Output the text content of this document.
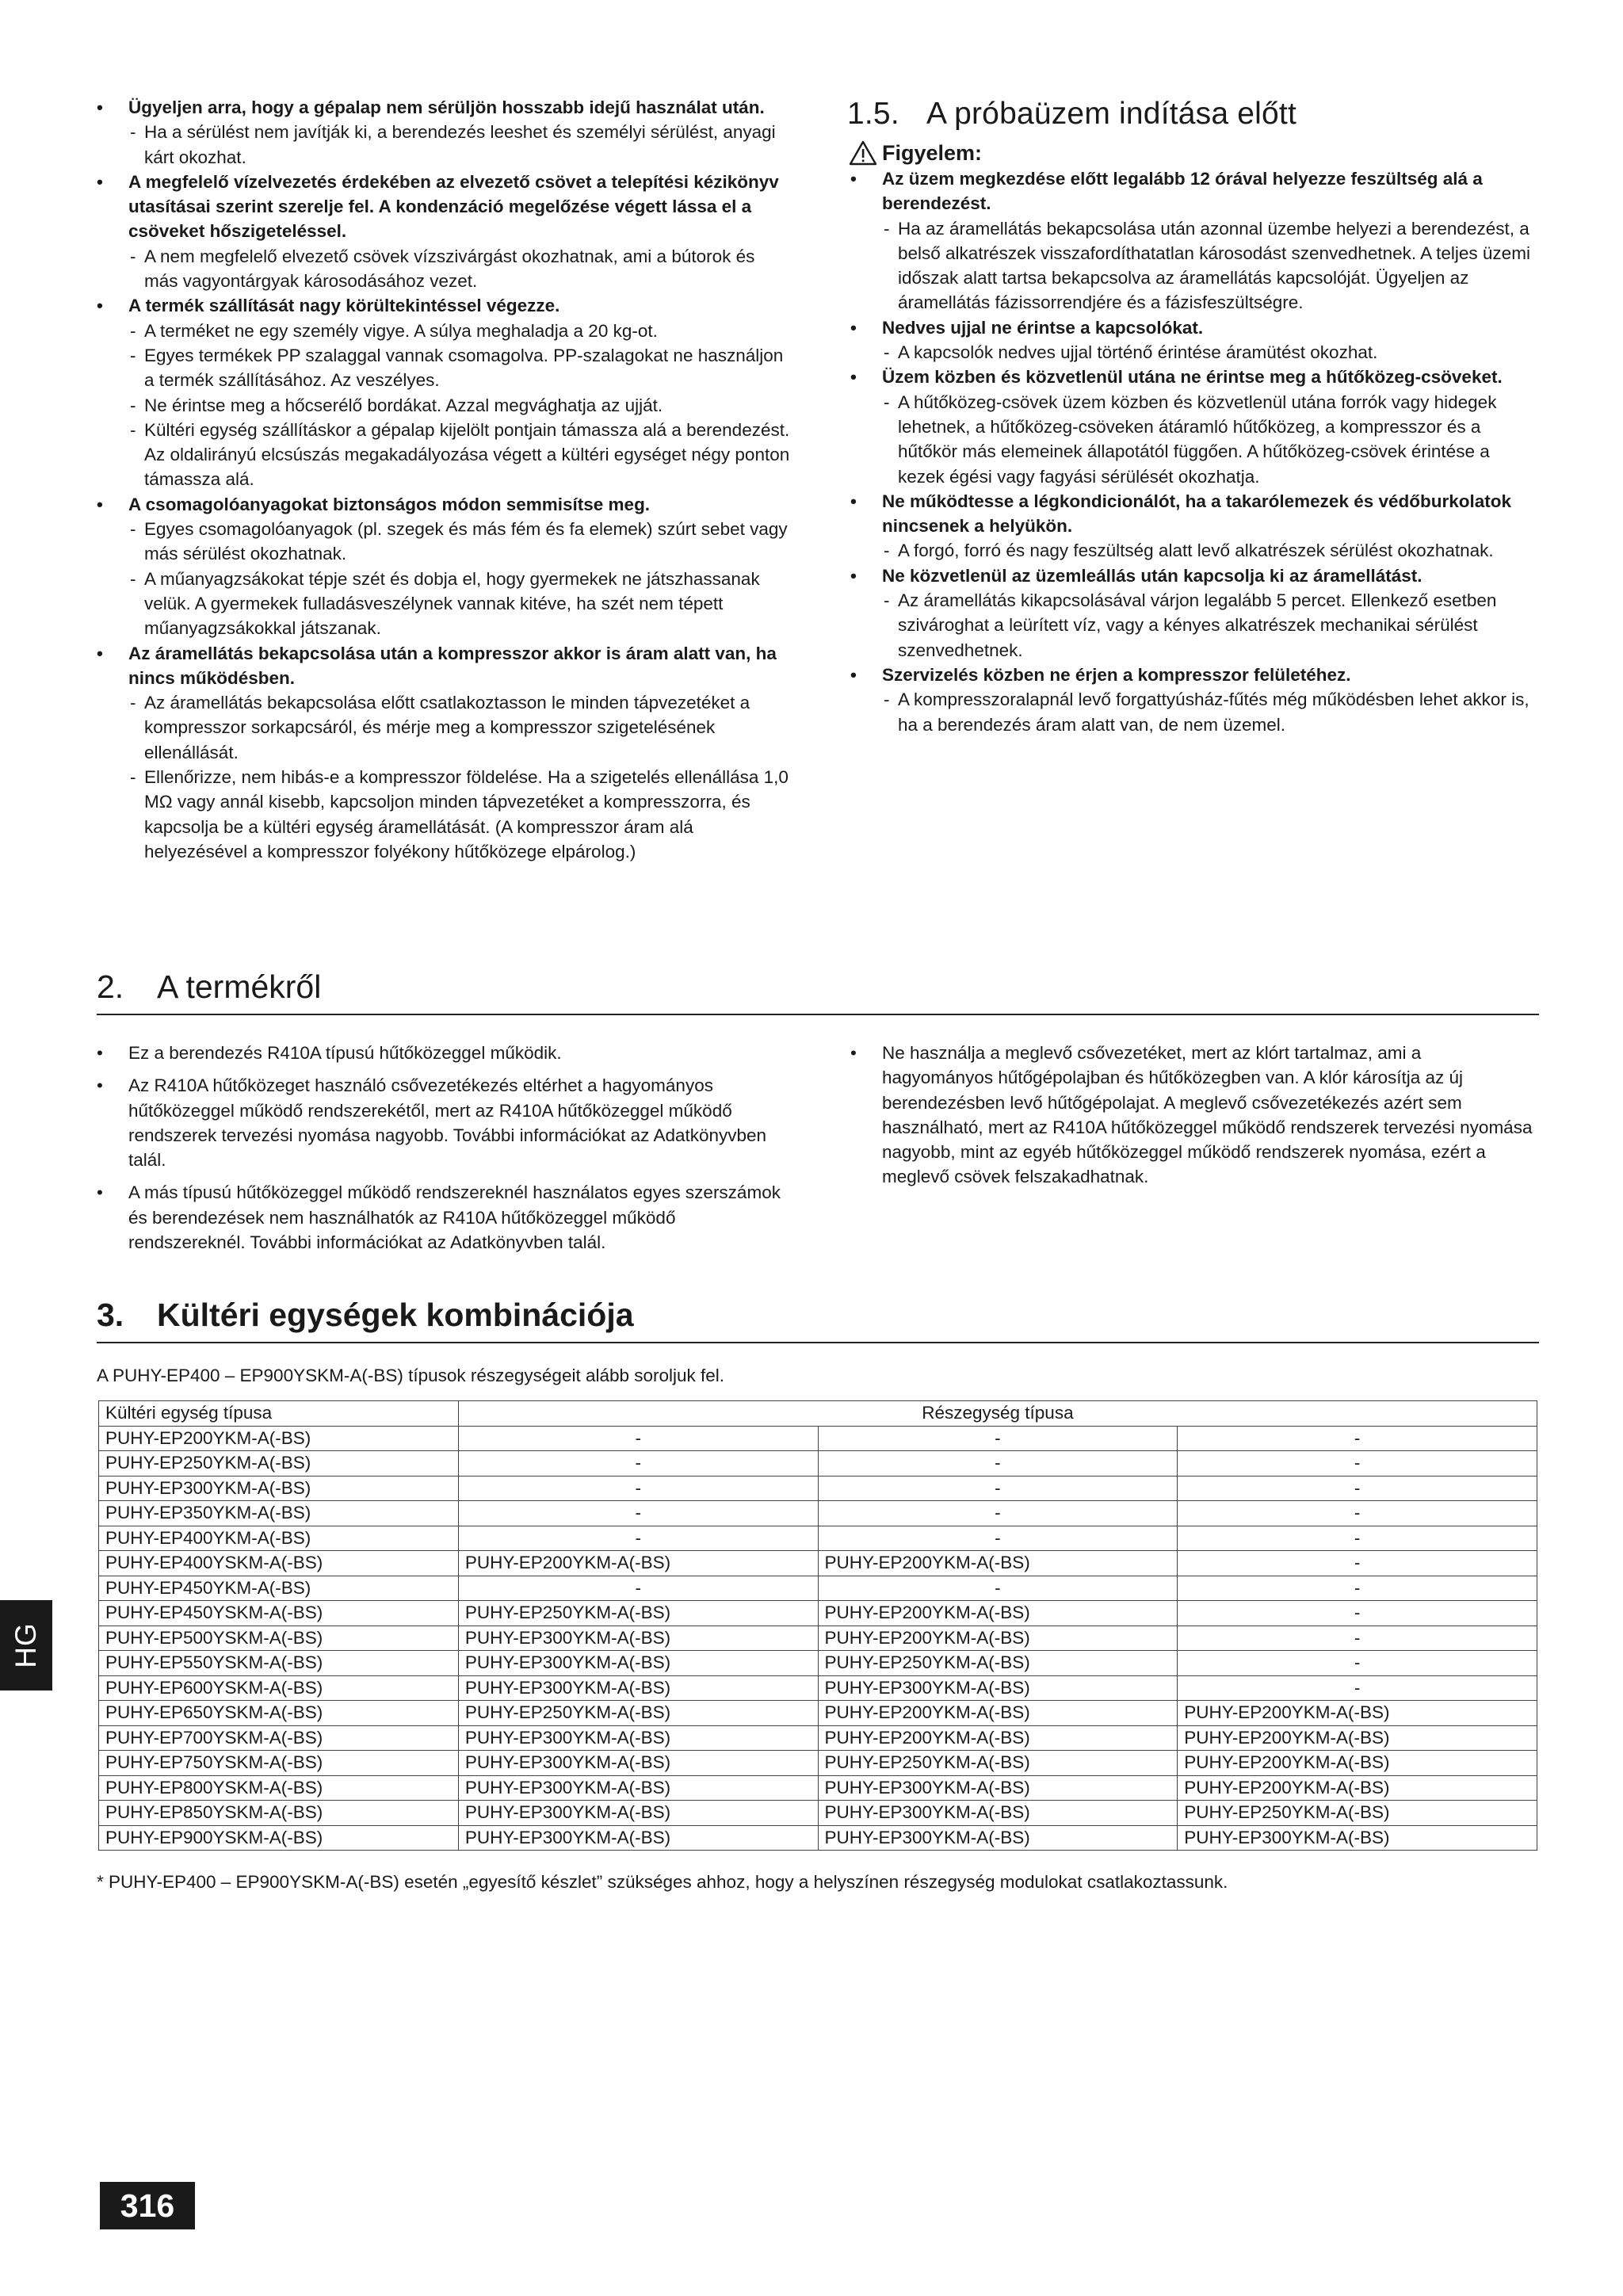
• Ügyeljen arra, hogy a gépalap nem sérüljön hosszabb idejű használat után.
- Ha a sérülést nem javítják ki, a berendezés leeshet és személyi sérülést, anyagi kárt okozhat.
• A megfelelő vízelvezetés érdekében az elvezető csövet a telepítési kézikönyv utasításai szerint szerelje fel. A kondenzáció megelőzése végett lássa el a csöveket hőszigeteléssel.
- A nem megfelelő elvezető csövek vízszivárgást okozhatnak, ami a bútorok és más vagyontárgyak károsodásához vezet.
• A termék szállítását nagy körültekintéssel végezze.
- A terméket ne egy személy vigye. A súlya meghaladja a 20 kg-ot.
- Egyes termékek PP szalaggal vannak csomagolva. PP-szalagokat ne használjon a termék szállításához. Az veszélyes.
- Ne érintse meg a hőcserélő bordákat. Azzal megvághatja az ujját.
- Kültéri egység szállításkor a gépalap kijelölt pontjain támassza alá a berendezést. Az oldalirányú elcsúszás megakadályozása végett a kültéri egységet négy ponton támassza alá.
• A csomagolóanyagokat biztonságos módon semmisítse meg.
- Egyes csomagolóanyagok (pl. szegek és más fém és fa elemek) szúrt sebet vagy más sérülést okozhatnak.
- A műanyagzsákokat tépje szét és dobja el, hogy gyermekek ne játszhassanak velük. A gyermekek fulladásveszélynek vannak kitéve, ha szét nem tépett műanyagzsákokkal játszanak.
• Az áramellátás bekapcsolása után a kompresszor akkor is áram alatt van, ha nincs működésben.
- Az áramellátás bekapcsolása előtt csatlakoztasson le minden tápvezetéket a kompresszor sorkapcsáról, és mérje meg a kompresszor szigetelésének ellenállását.
- Ellenőrizze, nem hibás-e a kompresszor földelése. Ha a szigetelés ellenállása 1,0 MΩ vagy annál kisebb, kapcsoljon minden tápvezetéket a kompresszorra, és kapcsolja be a kültéri egység áramellátását. (A kompresszor áram alá helyezésével a kompresszor folyékony hűtőközege elpárolog.)
1.5. A próbaüzem indítása előtt
Figyelem:
• Az üzem megkezdése előtt legalább 12 órával helyezze feszültség alá a berendezést.
- Ha az áramellátás bekapcsolása után azonnal üzembe helyezi a berendezést, a belső alkatrészek visszafordíthatatlan károsodást szenvedhetnek. A teljes üzemi időszak alatt tartsa bekapcsolva az áramellátás kapcsolóját. Ügyeljen az áramellátás fázissorrendjére és a fázisfeszültségre.
• Nedves ujjal ne érintse a kapcsolókat.
- A kapcsolók nedves ujjal történő érintése áramütést okozhat.
• Üzem közben és közvetlenül utána ne érintse meg a hűtőközeg-csöveket.
- A hűtőközeg-csövek üzem közben és közvetlenül utána forrók vagy hidegek lehetnek, a hűtőközeg-csöveken átáramló hűtőközeg, a kompresszor és a hűtőkör más elemeinek állapotától függően. A hűtőközeg-csövek érintése a kezek égési vagy fagyási sérülését okozhatja.
• Ne működtesse a légkondicionálót, ha a takarólemezek és védőburkolatok nincsenek a helyükön.
- A forgó, forró és nagy feszültség alatt levő alkatrészek sérülést okozhatnak.
• Ne közvetlenül az üzemleállás után kapcsolja ki az áramellátást.
- Az áramellátás kikapcsolásával várjon legalább 5 percet. Ellenkező esetben szivároghat a leürített víz, vagy a kényes alkatrészek mechanikai sérülést szenvedhetnek.
• Szervizelés közben ne érjen a kompresszor felületéhez.
- A kompresszoralapnál levő forgattyúsház-fűtés még működésben lehet akkor is, ha a berendezés áram alatt van, de nem üzemel.
2. A termékről
• Ez a berendezés R410A típusú hűtőközeggel működik.
• Az R410A hűtőközeget használó csővezetékezés eltérhet a hagyományos hűtőközeggel működő rendszerekétől, mert az R410A hűtőközeggel működő rendszerek tervezési nyomása nagyobb. További információkat az Adatkönyvben talál.
• A más típusú hűtőközeggel működő rendszereknél használatos egyes szerszámok és berendezések nem használhatók az R410A hűtőközeggel működő rendszereknél. További információkat az Adatkönyvben talál.
• Ne használja a meglevő csővezetéket, mert az klórt tartalmaz, ami a hagyományos hűtőgépolajban és hűtőközegben van. A klór károsítja az új berendezésben levő hűtőgépolajat. A meglevő csővezetékezés azért sem használható, mert az R410A hűtőközeggel működő rendszerek tervezési nyomása nagyobb, mint az egyéb hűtőközeggel működő rendszerek nyomása, ezért a meglevő csövek felszakadhatnak.
3. Kültéri egységek kombinációja
A PUHY-EP400 – EP900YSKM-A(-BS) típusok részegységeit alább soroljuk fel.
Kültéri egység típusa	Részegység típusa		
PUHY-EP200YKM-A(-BS)	-	-	-
PUHY-EP250YKM-A(-BS)	-	-	-
PUHY-EP300YKM-A(-BS)	-	-	-
PUHY-EP350YKM-A(-BS)	-	-	-
PUHY-EP400YKM-A(-BS)	-	-	-
PUHY-EP400YSKM-A(-BS)	PUHY-EP200YKM-A(-BS)	PUHY-EP200YKM-A(-BS)	-
PUHY-EP450YKM-A(-BS)	-	-	-
PUHY-EP450YSKM-A(-BS)	PUHY-EP250YKM-A(-BS)	PUHY-EP200YKM-A(-BS)	-
PUHY-EP500YSKM-A(-BS)	PUHY-EP300YKM-A(-BS)	PUHY-EP200YKM-A(-BS)	-
PUHY-EP550YSKM-A(-BS)	PUHY-EP300YKM-A(-BS)	PUHY-EP250YKM-A(-BS)	-
PUHY-EP600YSKM-A(-BS)	PUHY-EP300YKM-A(-BS)	PUHY-EP300YKM-A(-BS)	-
PUHY-EP650YSKM-A(-BS)	PUHY-EP250YKM-A(-BS)	PUHY-EP200YKM-A(-BS)	PUHY-EP200YKM-A(-BS)
PUHY-EP700YSKM-A(-BS)	PUHY-EP300YKM-A(-BS)	PUHY-EP200YKM-A(-BS)	PUHY-EP200YKM-A(-BS)
PUHY-EP750YSKM-A(-BS)	PUHY-EP300YKM-A(-BS)	PUHY-EP250YKM-A(-BS)	PUHY-EP200YKM-A(-BS)
PUHY-EP800YSKM-A(-BS)	PUHY-EP300YKM-A(-BS)	PUHY-EP300YKM-A(-BS)	PUHY-EP200YKM-A(-BS)
PUHY-EP850YSKM-A(-BS)	PUHY-EP300YKM-A(-BS)	PUHY-EP300YKM-A(-BS)	PUHY-EP250YKM-A(-BS)
PUHY-EP900YSKM-A(-BS)	PUHY-EP300YKM-A(-BS)	PUHY-EP300YKM-A(-BS)	PUHY-EP300YKM-A(-BS)
* PUHY-EP400 – EP900YSKM-A(-BS) esetén „egyesítő készlet” szükséges ahhoz, hogy a helyszínen részegység modulokat csatlakoztassunk.
HG
316
